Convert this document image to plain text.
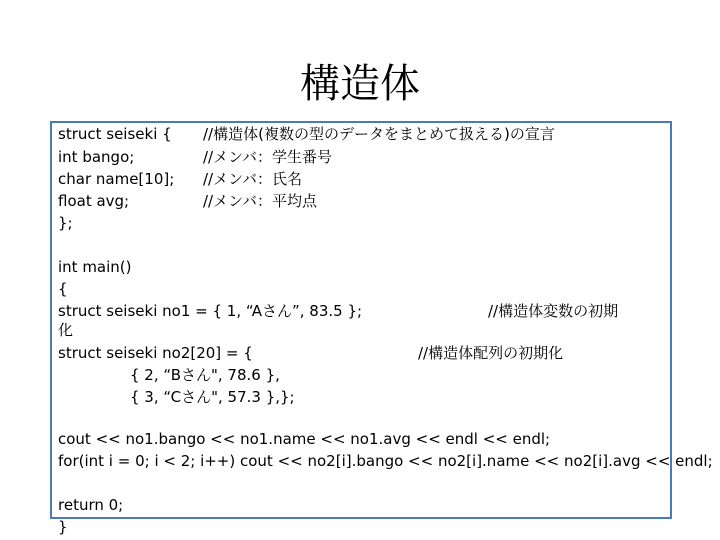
構造体
struct seiseki {
int bango;
char name[10];
float avg;
};
//構造体(複数の型のデータをまとめて扱える)の宣言
//メンバ：学生番号
//メンバ：氏名
//メンバ：平均点
int main()
{
struct seiseki no1 = { 1, “Aさん”, 83.5 };
化
struct seiseki no2[20] = {
{ 2, “Bさん", 78.6 },
{ 3, “Cさん", 57.3 },};
//構造体変数の初期
//構造体配列の初期化
cout << no1.bango << no1.name << no1.avg << endl << endl;
for(int i = 0; i < 2; i++) cout << no2[i].bango << no2[i].name << no2[i].avg << endl;
return 0;
}
